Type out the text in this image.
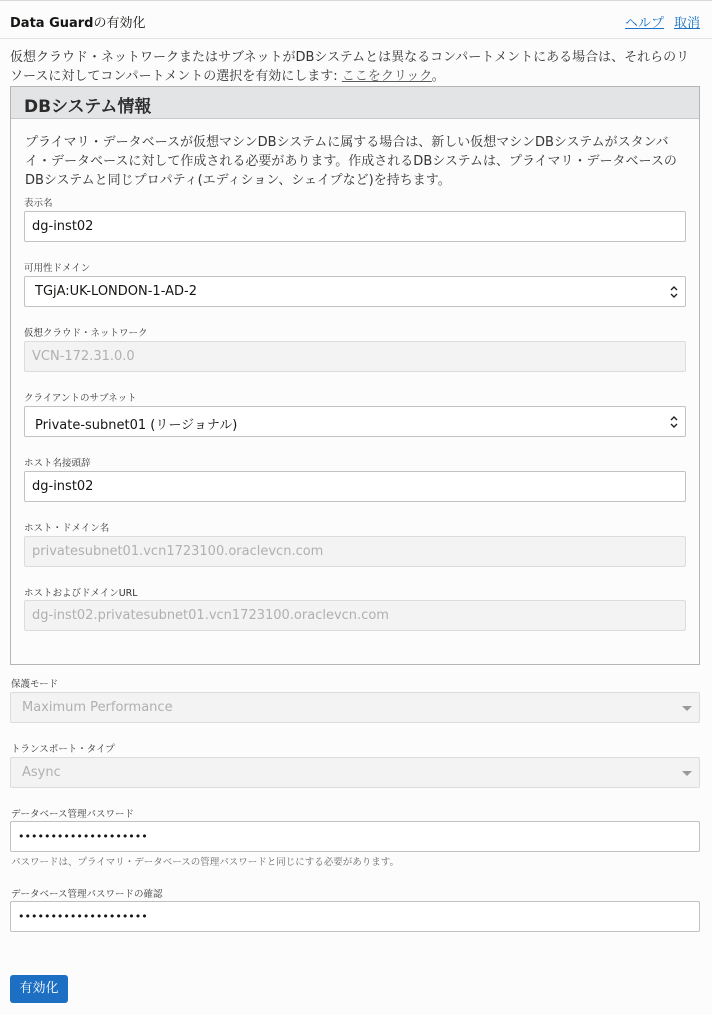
Data Guardの有効化	ヘルプ 取消
仮想クラウド・ネットワークまたはサブネットがDBシステムとは異なるコンパートメントにある場合は、それらのリソースに対してコンパートメントの選択を有効にします: ここをクリック。
DBシステム情報
プライマリ・データベースが仮想マシンDBシステムに属する場合は、新しい仮想マシンDBシステムがスタンバイ・データベースに対して作成される必要があります。作成されるDBシステムは、プライマリ・データベースのDBシステムと同じプロパティ(エディション、シェイプなど)を持ちます。
表示名
dg-inst02
可用性ドメイン
TGjA:UK-LONDON-1-AD-2
仮想クラウド・ネットワーク
VCN-172.31.0.0
クライアントのサブネット
Private-subnet01 (リージョナル)
ホスト名接頭辞
dg-inst02
ホスト・ドメイン名
privatesubnet01.vcn1723100.oraclevcn.com
ホストおよびドメインURL
dg-inst02.privatesubnet01.vcn1723100.oraclevcn.com
保護モード
Maximum Performance
トランスポート・タイプ
Async
データベース管理パスワード
••••••••••••••••••••
パスワードは、プライマリ・データベースの管理パスワードと同じにする必要があります。
データベース管理パスワードの確認
••••••••••••••••••••
有効化
